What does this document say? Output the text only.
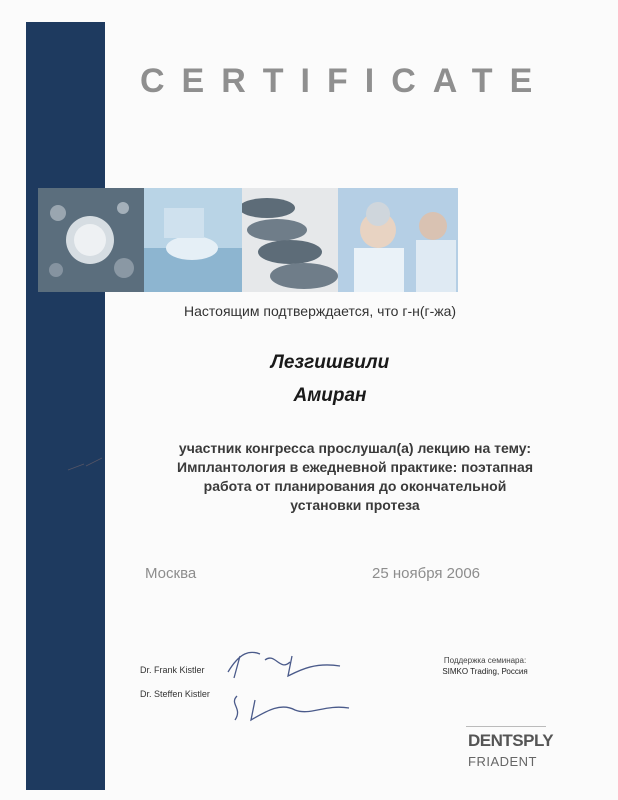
CERTIFICATE
Настоящим подтверждается, что г-н(г-жа)
Лезгишвили
Амиран
участник конгресса прослушал(а) лекцию на тему:
Имплантология в ежедневной практике: поэтапная
работа от планирования до окончательной
установки протеза
Москва	25 ноября 2006
Dr. Frank Kistler
Dr. Steffen Kistler
Поддержка семинара:
SIMKO Trading, Россия
DENTSPLY
FRIADENT
